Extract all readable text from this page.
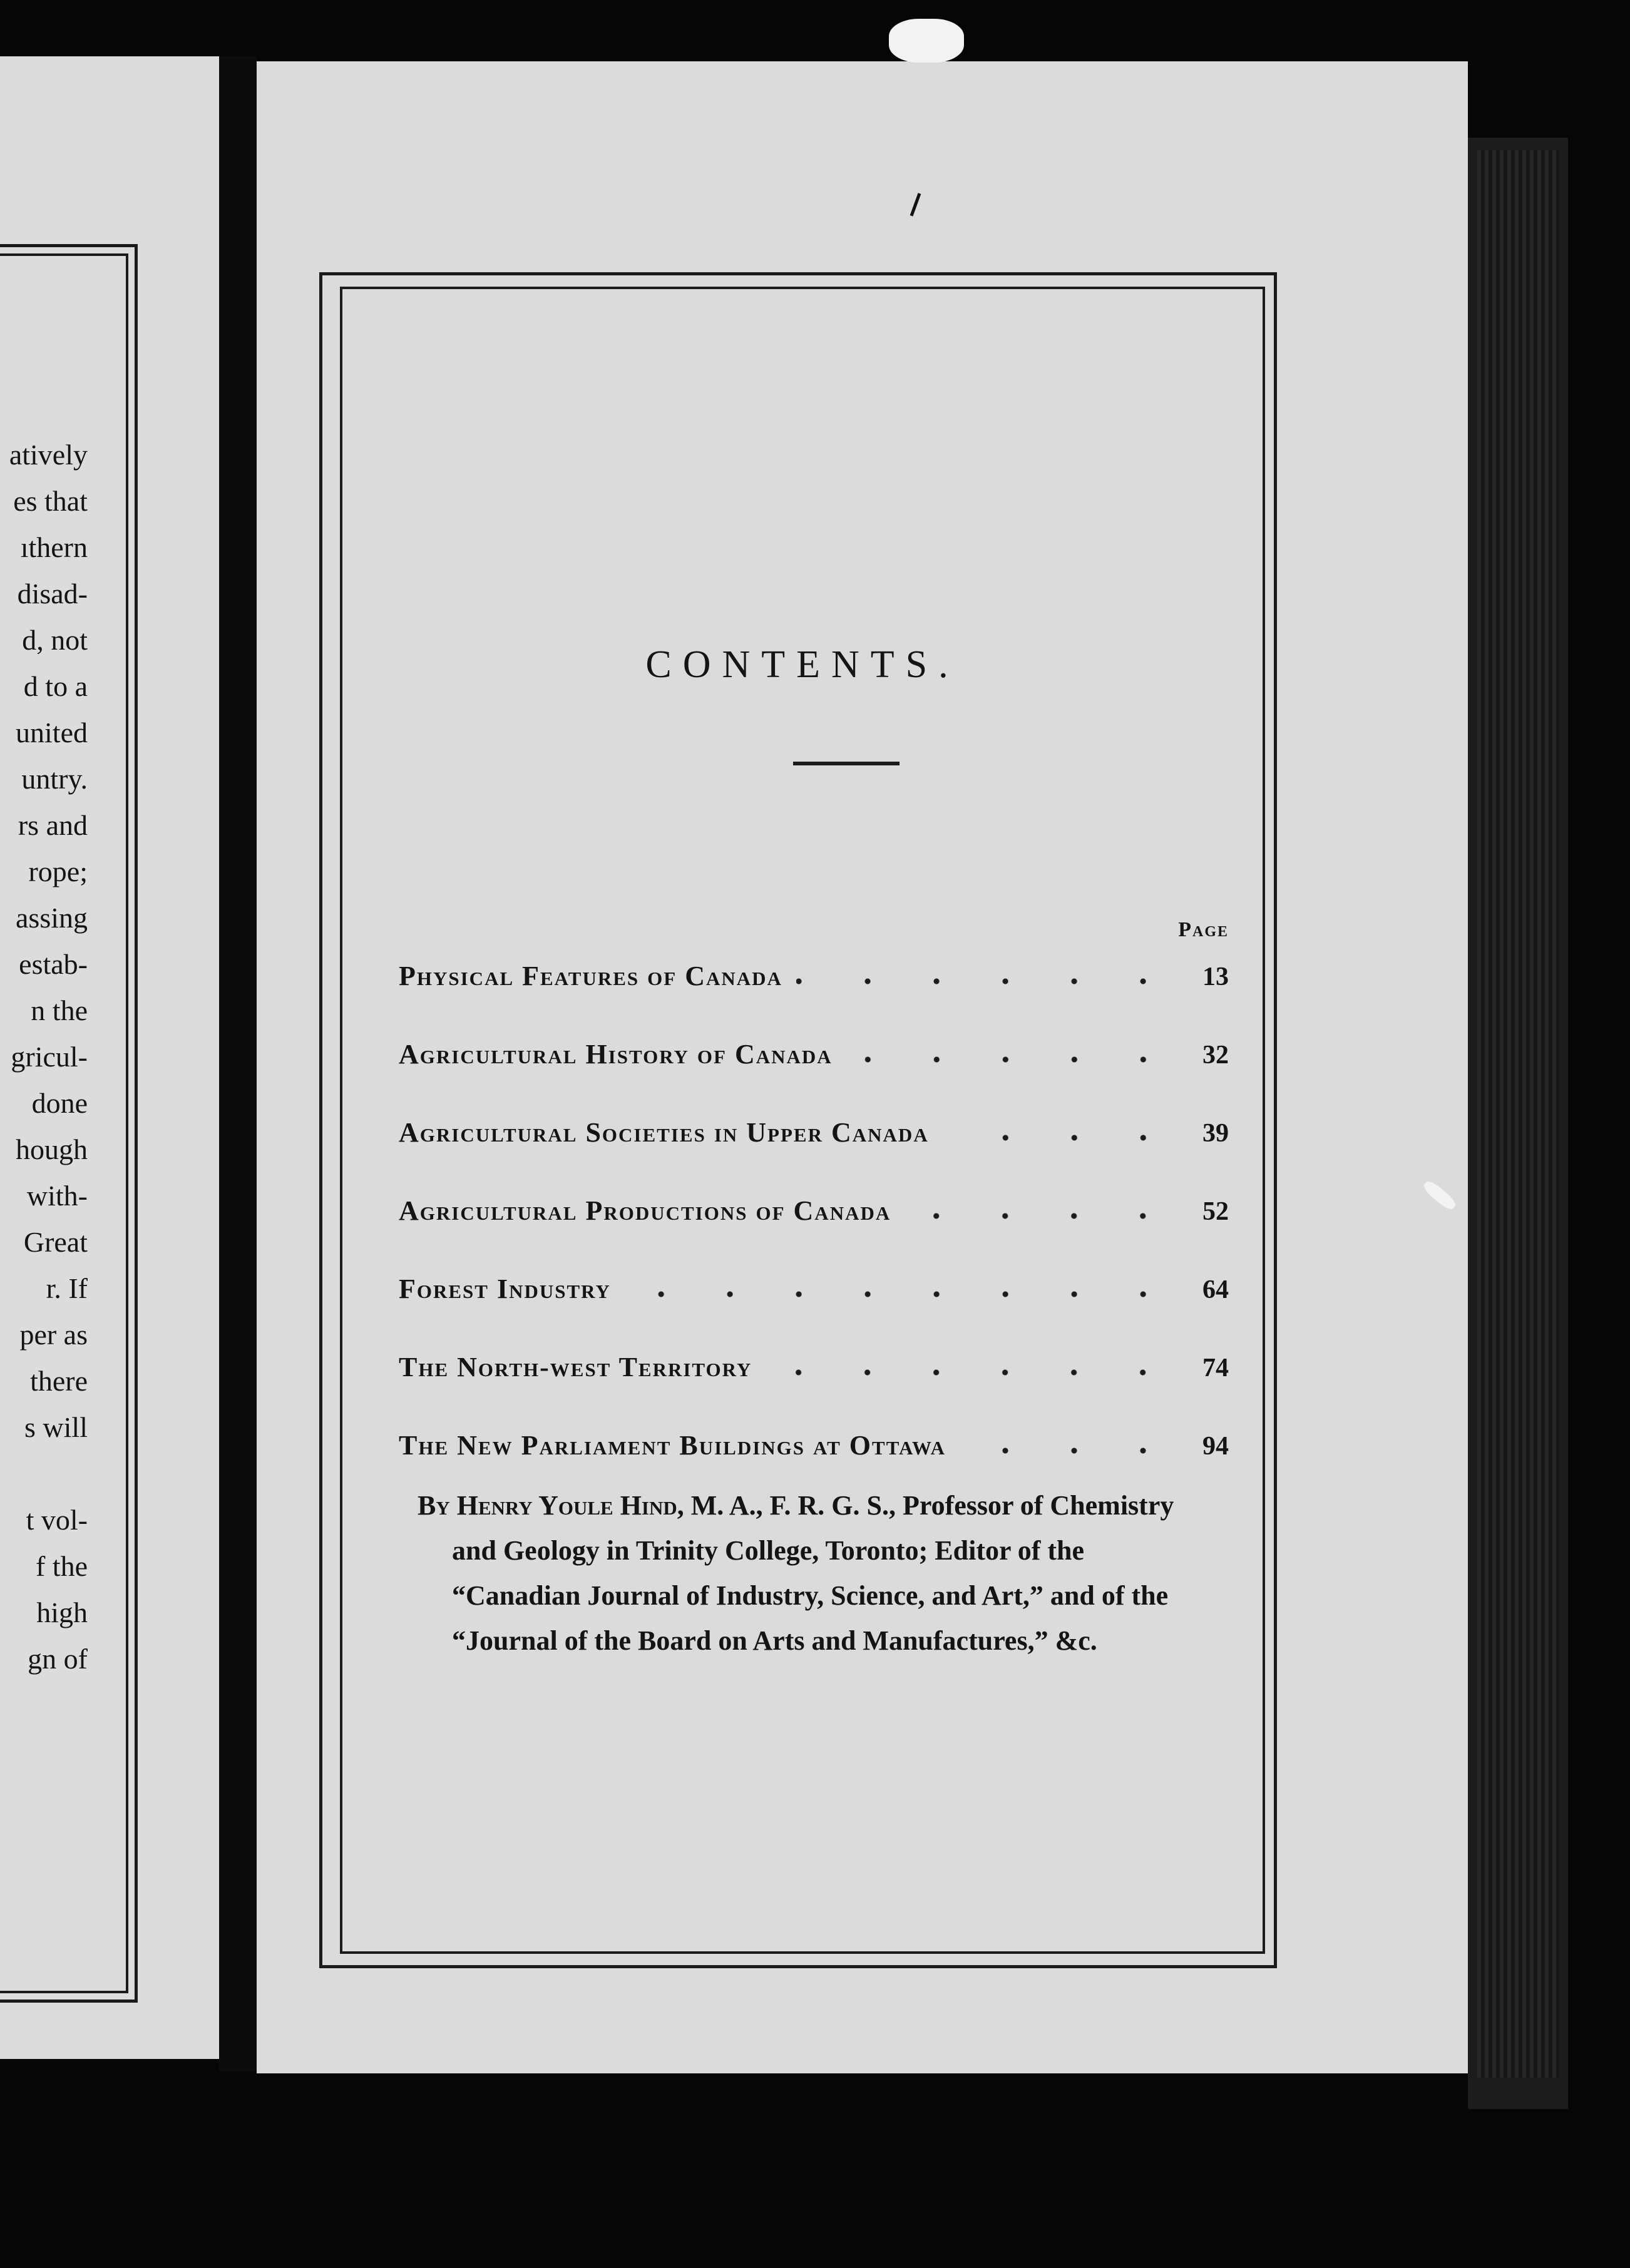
atively
es that
ıthern
disad-
d, not
d to a
united
untry.
rs and
rope;
assing
estab-
n the
gricul-
done
hough
with-
Great
r. If
per as
there
s will
t vol-
f the
high
gn of
CONTENTS.
Page
Physical Features of Canada	13
Agricultural History of Canada	32
Agricultural Societies in Upper Canada	39
Agricultural Productions of Canada	52
Forest Industry	64
The North-west Territory	74
The New Parliament Buildings at Ottawa	94
By Henry Youle Hind, M. A., F. R. G. S., Professor of Chemistry and Geology in Trinity College, Toronto; Editor of the “Canadian Journal of Industry, Science, and Art,” and of the “Journal of the Board on Arts and Manufactures,” &c.
